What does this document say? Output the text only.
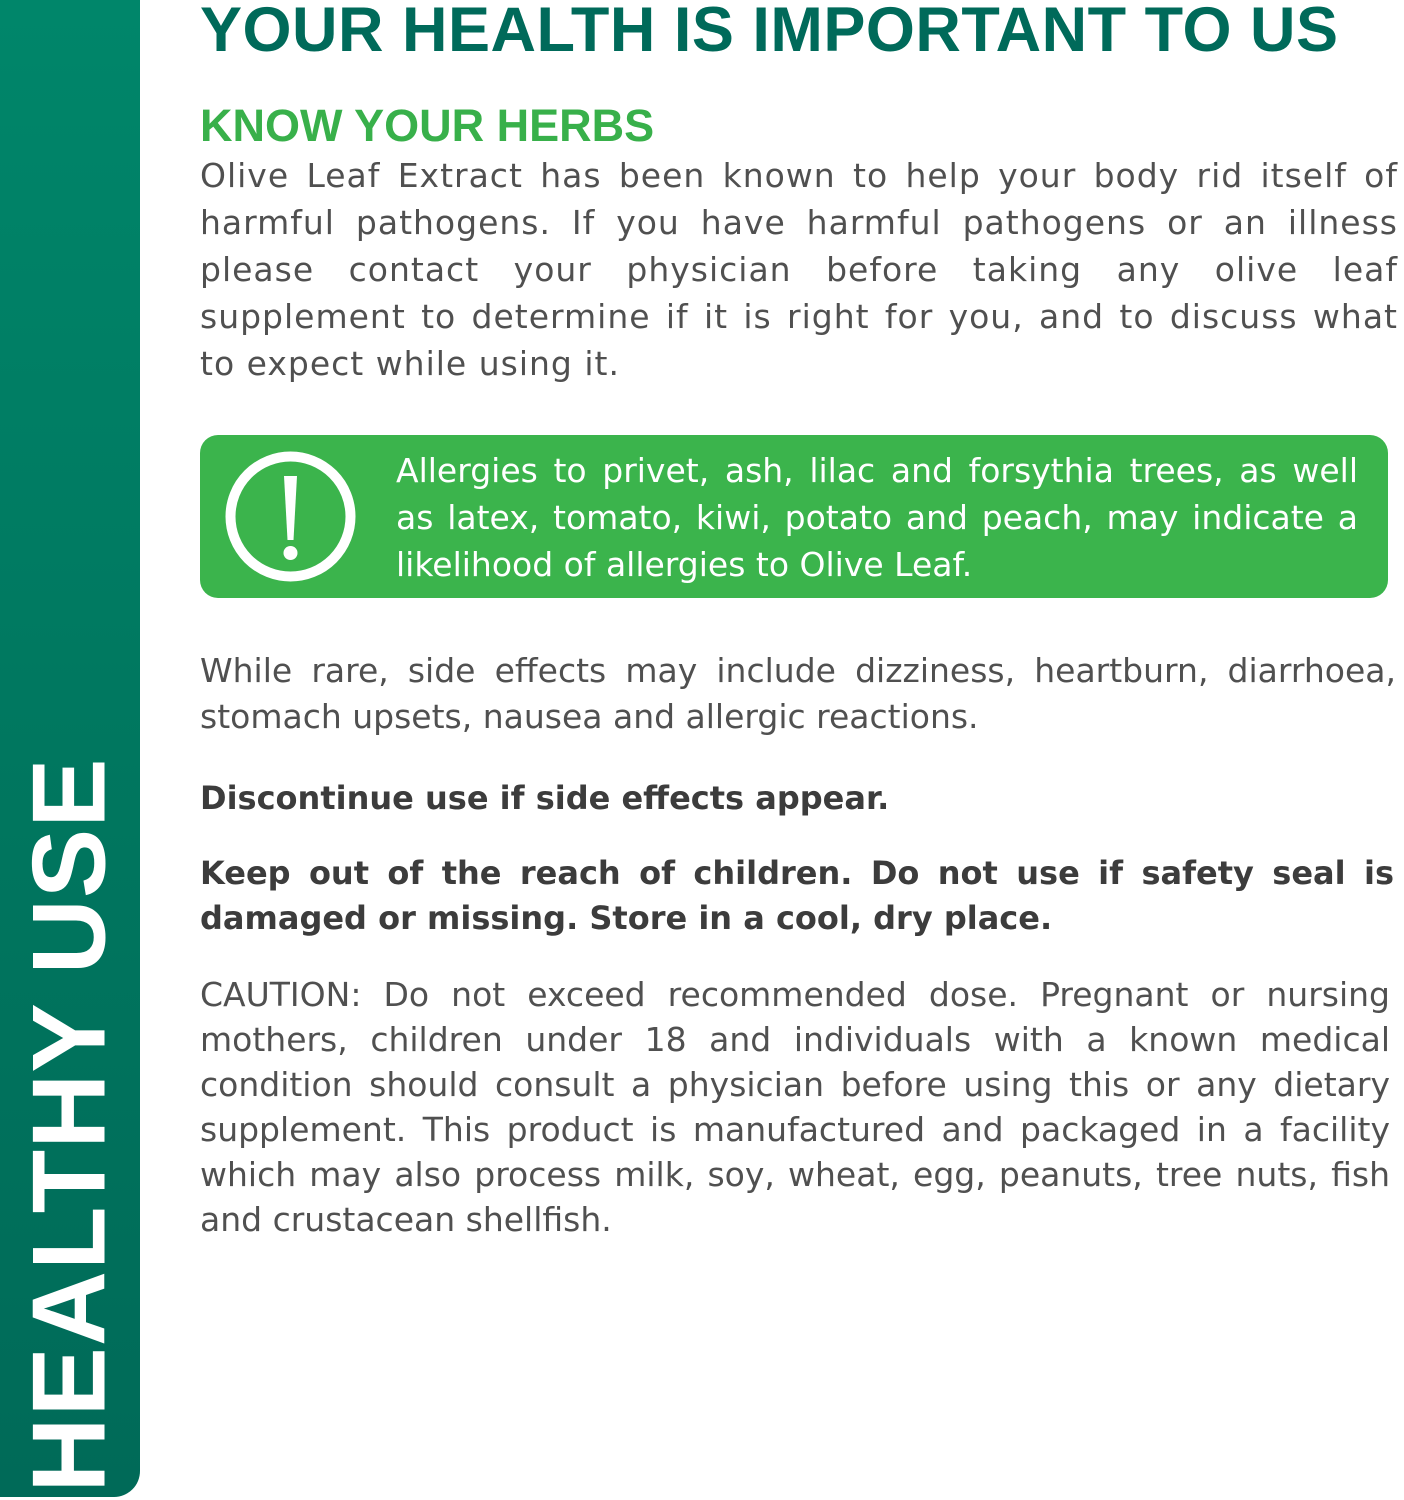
HEALTHY USE
YOUR HEALTH IS IMPORTANT TO US
KNOW YOUR HERBS

Olive Leaf Extract has been known to help your body rid itself of harmful pathogens. If you have harmful pathogens or an illness please contact your physician before taking any olive leaf supplement to determine if it is right for you, and to discuss what to expect while using it.

Allergies to privet, ash, lilac and forsythia trees, as well as latex, tomato, kiwi, potato and peach, may indicate a likelihood of allergies to Olive Leaf.

While rare, side effects may include dizziness, heartburn, diarrhoea, stomach upsets, nausea and allergic reactions.

Discontinue use if side effects appear.

Keep out of the reach of children. Do not use if safety seal is damaged or missing. Store in a cool, dry place.

CAUTION: Do not exceed recommended dose. Pregnant or nursing mothers, children under 18 and individuals with a known medical condition should consult a physician before using this or any dietary supplement. This product is manufactured and packaged in a facility which may also process milk, soy, wheat, egg, peanuts, tree nuts, fish and crustacean shellfish.
